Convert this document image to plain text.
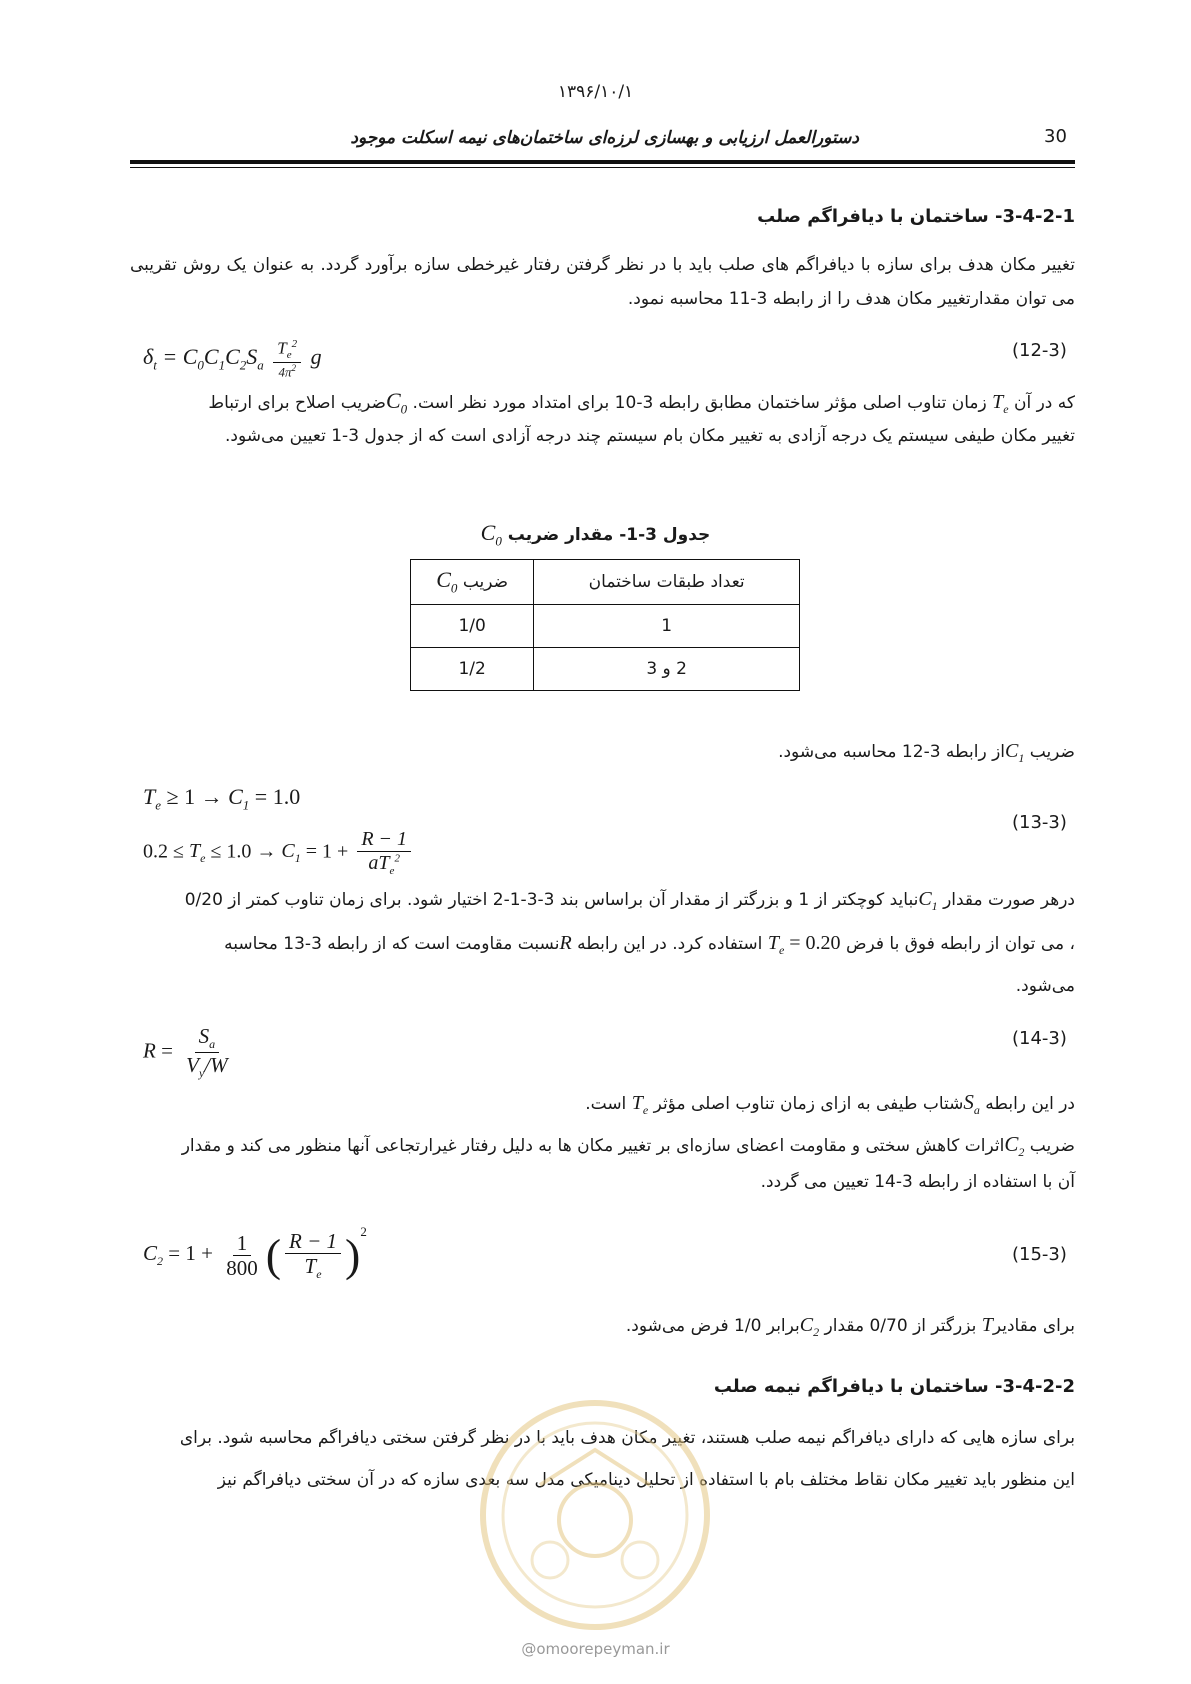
۱۳۹۶/۱۰/۱
دستورالعمل ارزیابی و بهسازی لرزه‌ای ساختمان‌های نیمه اسکلت موجود	30
3-4-2-1- ساختمان با دیافراگم صلب
تغییر مکان هدف برای سازه با دیافراگم های صلب باید با در نظر گرفتن رفتار غیرخطی سازه برآورد گردد. به عنوان یک روش تقریبی می توان مقدارتغییر مکان هدف را از رابطه 3-11 محاسبه نمود.
$\delta_t = C_0C_1C_2S_a \frac{T_e^2}{4\pi^2}$ g	(12-3)
که در آن $T_e$ زمان تناوب اصلی مؤثر ساختمان مطابق رابطه 3-10 برای امتداد مورد نظر است. $C_0ضریب$ اصلاح برای ارتباط
تغییر مکان طیفی سیستم یک درجه آزادی به تغییر مکان بام سیستم چند درجه آزادی است که از جدول 3-1 تعیین می‌شود.
جدول 3-1- مقدار ضریب $C_0$
تعداد طبقات ساختمان	ضریب $C_0$
1	1/0
2 و 3	1/2
ضریب $C_1از$ رابطه 3-12 محاسبه می‌شود.
$T_e \ge 1 \to C_1 = 1.0$
$0.2 \le T_e \le 1.0 \to C_1 = 1 + \frac{R - 1}{aT_e^2}$
(13-3)
درهر صورت مقدار $C_1نباید$ کوچکتر از 1 و بزرگتر از مقدار آن براساس بند 3-3-1-2 اختیار شود. برای زمان تناوب کمتر از 0/20
، می توان از رابطه فوق با فرض $T_e = 0.20$ استفاده کرد. در این رابطه Rنسبت مقاومت است که از رابطه 3-13 محاسبه
می‌شود.
$R = \frac{S_a}{V_y/W}$	(14-3)
در این رابطه $S_aشتاب$ طیفی به ازای زمان تناوب اصلی مؤثر $T_e$ است.
ضریب $C_2اثرات$ کاهش سختی و مقاومت اعضای سازه‌ای بر تغییر مکان ها به دلیل رفتار غیرارتجاعی آنها منظور می کند و مقدار
آن با استفاده از رابطه 3-14 تعیین می گردد.
$C_2 = 1 + \frac{1}{800}$ ( $\frac{R - 1}{T_e} )^2$
(15-3)
برای مقادیرT بزرگتر از 0/70 مقدار $C_2برابر$ 1/0 فرض می‌شود.
3-4-2-2- ساختمان با دیافراگم نیمه صلب
برای سازه هایی که دارای دیافراگم نیمه صلب هستند، تغییر مکان هدف باید با در نظر گرفتن سختی دیافراگم محاسبه شود. برای
این منظور باید تغییر مکان نقاط مختلف بام با استفاده از تحلیل دینامیکی مدل سه بعدی سازه که در آن سختی دیافراگم نیز
@omoorepeyman.ir
